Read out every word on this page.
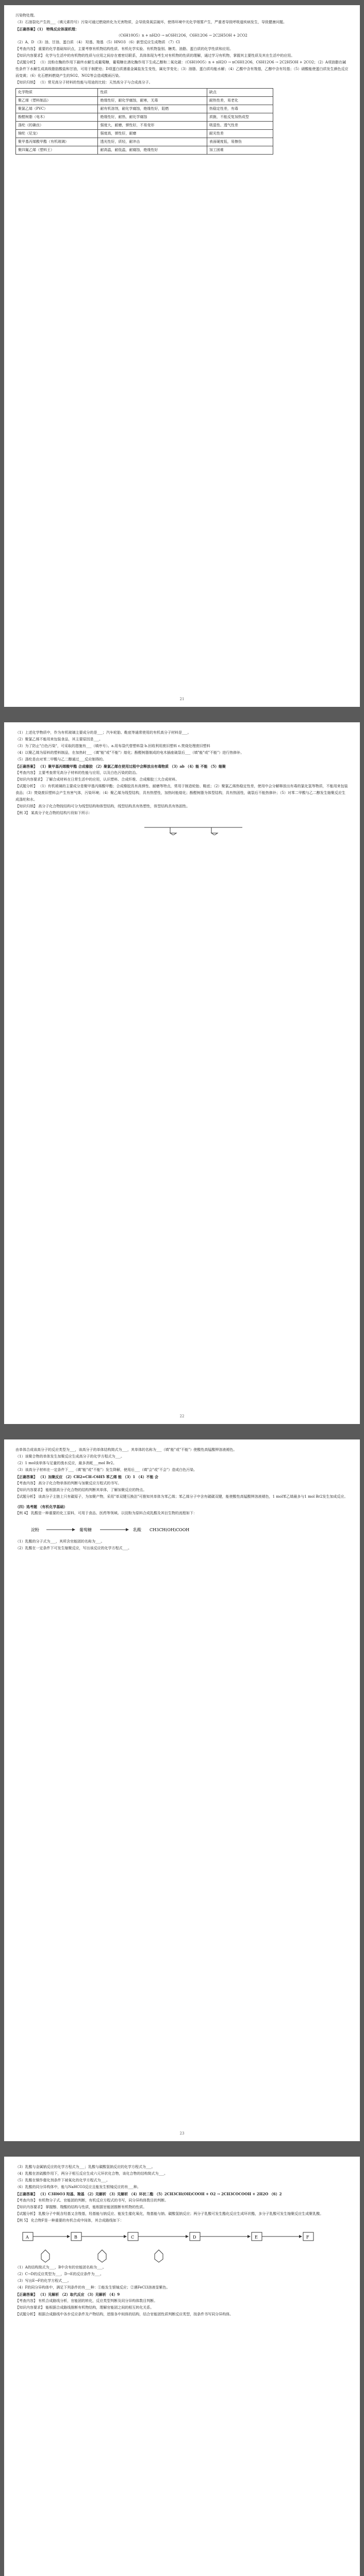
污染物处理。

（3）石油裂化产生的___（填元素符号）污染可通过燃烧转化为无害物质，会导致臭氧层破坏，使得环境中光化学烟雾产生，严重者导致呼吸道疾病发生，导致健康问题。

【正确答案】（1） 特殊反应体现机理：

（C6H10O5）n + nH2O → nC6H12O6，C6H12O6 → 2C2H5OH + 2CO2

（2）A、D （3）油、甘油、蛋白质 （4） 羟基、羧基 （5）HNO3 （6）新型反应生成物质 （7）Cl

【考查内容】 重要的化学基础知识点，主要考察有机物结构性质、有机化学实验、有机物鉴别、糖类、油脂、蛋白质的化学性质和应用。

【知识内容要求】 化学与生活中的有机物的性质与应用之间存在着密切联系，具体体现为考生对有机物的性质的理解，通过学习有机物，掌握其主要性质及其在生活中的应用。

【试题分析】 （1）淀粉在酶的作用下最终水解生成葡萄糖，葡萄糖在酒化酶作用下生成乙醇和二氧化碳：（C6H10O5）n + nH2O → nC6H12O6，C6H12O6 → 2C2H5OH + 2CO2；（2）A项油脂在碱性条件下水解生成高级脂肪酸盐和甘油，可用于制肥皂；D项蛋白质遇重金属盐发生变性，属化学变化；（3）油脂、蛋白质均能水解；（4）乙酸中含有羧基，乙醇中含有羟基；（5）硝酸能使蛋白质发生颜色反应而变黄；（6）化石燃料燃烧产生的SO2、NO2等会造成酸雨污染。

【知识归纳】 （1）常见高分子材料的性能与用途的比较：天然高分子与合成高分子。

化学物质	性质	缺点
聚乙烯（塑料制品）	绝缘性好，耐化学腐蚀，耐寒，无毒	耐热性差，易老化
聚氯乙烯（PVC）	耐有机溶剂，耐化学腐蚀，绝缘性好，阻燃	热稳定性差，有毒
酚醛树脂（电木）	绝缘性好，耐热，耐化学腐蚀	质脆，不能反复加热成型
涤纶（的确良）	强度大，耐磨，弹性好，不易变形	吸湿性、透气性差
锦纶（尼龙）	强度高，弹性好，耐磨	耐光性差
聚甲基丙烯酸甲酯（有机玻璃）	透光性好，质轻，耐冲击	表面硬度低，易擦伤
聚四氟乙烯（塑料王）	耐高温，耐低温，耐腐蚀，绝缘性好	加工困难
21

（1）上述化学物质中，作为有机玻璃主要成分的是___；汽车轮胎、鞋底等通常使用的有机高分子材料是___。

（2）聚氯乙烯不能用来包装食品，其主要原因是___。

（3）为了防止"白色污染"，可采取的措施有___（填序号）。a.用布袋代替塑料袋 b.回收利用废旧塑料 c.焚烧处理废旧塑料

（4）以聚乙烯为原料的塑料制品，在加热时___（填"能"或"不能"）熔化；酚醛树脂制成的电木插座破裂后___（填"能"或"不能"）进行热修补。

（5）涤纶是由对苯二甲酸与乙二醇通过___反应制得的。

【正确答案】 （1）聚甲基丙烯酸甲酯 合成橡胶 （2）聚氯乙烯在使用过程中会释放出有毒物质 （3）ab （4）能 不能 （5）缩聚

【考查内容】 主要考查常见高分子材料的性能与应用，以及白色污染的防治。

【知识内容要求】 了解合成材料在日常生活中的应用，认识塑料、合成纤维、合成橡胶三大合成材料。

【试题分析】 （1）有机玻璃的主要成分是聚甲基丙烯酸甲酯；合成橡胶具有高弹性、耐磨等特点，常用于制造轮胎、鞋底；（2）聚氯乙烯热稳定性差，使用中会分解释放出有毒的氯化氢等物质，不能用来包装食品；（3）焚烧废旧塑料会产生有害气体，污染环境；（4）聚乙烯为线型结构，具有热塑性，加热时能熔化；酚醛树脂为体型结构，具有热固性，破裂后不能热修补；（5）对苯二甲酸与乙二醇发生缩聚反应生成涤纶和水。

【知识归纳】 高分子化合物按结构可分为线型结构和体型结构，线型结构具有热塑性，体型结构具有热固性。

【例 3】 某高分子化合物的结构片段如下所示：

22

由单体合成该高分子的反应类型为___，该高分子的单体结构简式为___，其单体的名称为___（填"能"或"不能"）使酸性高锰酸钾溶液褪色。

（1）该聚合物的单体发生加聚反应生成高分子的化学方程式为___。

（2）1 mol该单体与足量的溴水反应，最多消耗___mol Br2。

（3）该高分子材料在一定条件下___（填"能"或"不能"）发生降解，使用后___（填"会"或"不会"）造成白色污染。

【正确答案】 （1）加聚反应 （2）CH2=CH–C6H5 苯乙烯 能 （3）1 （4）不能 会

【考查内容】 高分子化合物单体的判断与加聚反应方程式的书写。

【知识内容要求】 能根据高分子化合物的结构判断其单体，了解加聚反应的特点。

【试题分析】 该高分子主链上只有碳原子，为加聚产物，采用"单双键互换法"可推知其单体为苯乙烯；苯乙烯分子中含有碳碳双键，能使酸性高锰酸钾溶液褪色，1 mol苯乙烯最多与1 mol Br2发生加成反应。

（四）选考题 （有机化学基础）

【例 4】 乳酸是一种重要的化工原料，可用于食品、医药等领域。以淀粉为原料合成乳酸及其衍生物的流程如下：

淀粉	葡萄糖	乳酸 CH3CH(OH)COOH

（1）乳酸的分子式为___，其所含官能团的名称为___。

（2）乳酸在一定条件下可发生缩聚反应，写出该反应的化学方程式___。

23

（3）乳酸与金属钠反应的化学方程式为___；乳酸与碳酸氢钠反应的化学方程式为___。

（4）乳酸在浓硫酸作用下，两分子相互反应生成六元环状化合物，该化合物的结构简式为___。

（5）乳酸在铜作催化剂条件下被氧化的化学方程式为___。

（6）乳酸的同分异构体中，能与NaHCO3反应且能发生银镜反应的有___种。

【正确答案】 （1）C3H6O3 羟基、羧基 （2）见解析 （3）见解析 （4）环状二酯 （5）2CH3CH(OH)COOH + O2 → 2CH3COCOOH + 2H2O （6）2

【考查内容】 有机物分子式、官能团的判断，有机反应方程式的书写，同分异构体数目的判断。

【知识内容要求】 掌握醇、羧酸的结构与性质，能根据官能团推断有机物的性质。

【试题分析】 乳酸分子中既含羟基又含羧基，羟基能与钠反应、能发生催化氧化，羧基能与钠、碳酸氢钠反应；两分子乳酸可发生酯化反应生成环状酯，多分子乳酸可发生缩聚反应生成聚乳酸。

【例 5】 化合物F是一种重要的有机合成中间体，其合成路线如下：

A	B	C	D	E	F

（1）A的结构简式为___，B中含有的官能团名称为___。

（2）C→D的反应类型为___，D→E的反应条件为___。

（3）写出E→F的化学方程式___。

（4）F的同分异构体中，满足下列条件的有___种：①能发生银镜反应；②遇FeCl3溶液显紫色。

【正确答案】 （1）见解析 （2）取代反应 （3）见解析 （4）9

【考查内容】 有机合成路线分析，官能团的转化，反应类型判断及同分异构体数目判断。

【知识内容要求】 能根据合成路线推断有机物结构，理解官能团之间的相互转化关系。

【试题分析】 根据合成路线中各步反应条件及产物结构，逆推各中间体的结构，结合官能团性质判断反应类型，按条件书写同分异构体。
